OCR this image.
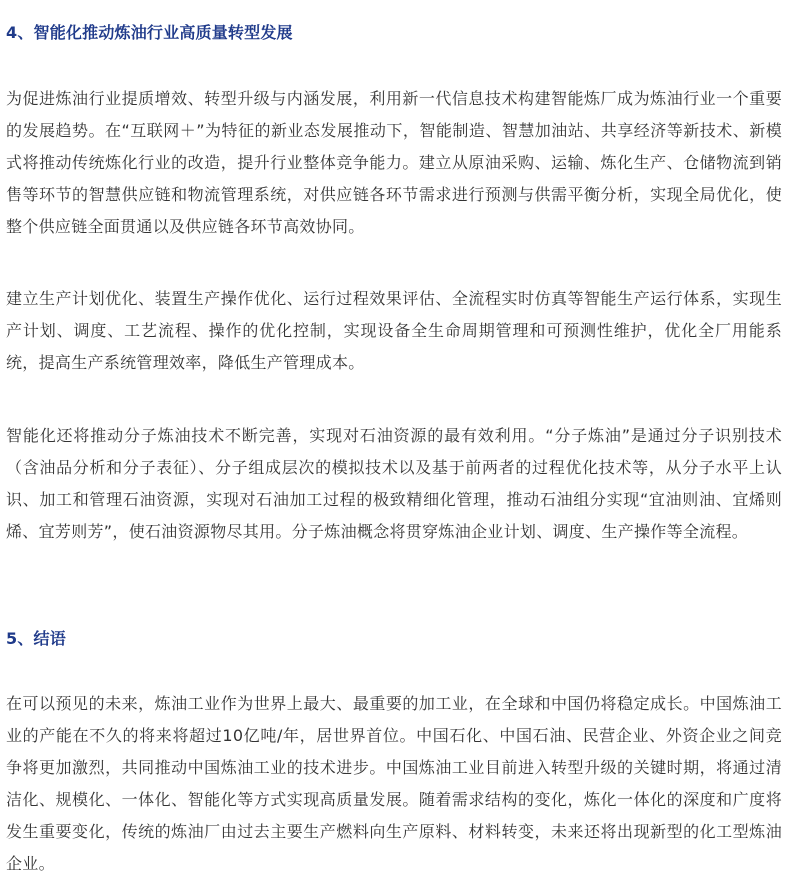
4、智能化推动炼油行业高质量转型发展

为促进炼油行业提质增效、转型升级与内涵发展，利用新一代信息技术构建智能炼厂成为炼油行业一个重要的发展趋势。在“互联网＋”为特征的新业态发展推动下，智能制造、智慧加油站、共享经济等新技术、新模式将推动传统炼化行业的改造，提升行业整体竞争能力。建立从原油采购、运输、炼化生产、仓储物流到销售等环节的智慧供应链和物流管理系统，对供应链各环节需求进行预测与供需平衡分析，实现全局优化，使整个供应链全面贯通以及供应链各环节高效协同。

建立生产计划优化、装置生产操作优化、运行过程效果评估、全流程实时仿真等智能生产运行体系，实现生产计划、调度、工艺流程、操作的优化控制，实现设备全生命周期管理和可预测性维护，优化全厂用能系统，提高生产系统管理效率，降低生产管理成本。

智能化还将推动分子炼油技术不断完善，实现对石油资源的最有效利用。“分子炼油”是通过分子识别技术（含油品分析和分子表征）、分子组成层次的模拟技术以及基于前两者的过程优化技术等，从分子水平上认识、加工和管理石油资源，实现对石油加工过程的极致精细化管理，推动石油组分实现“宜油则油、宜烯则烯、宜芳则芳”，使石油资源物尽其用。分子炼油概念将贯穿炼油企业计划、调度、生产操作等全流程。

5、结语

在可以预见的未来，炼油工业作为世界上最大、最重要的加工业，在全球和中国仍将稳定成长。中国炼油工业的产能在不久的将来将超过10亿吨/年，居世界首位。中国石化、中国石油、民营企业、外资企业之间竞争将更加激烈，共同推动中国炼油工业的技术进步。中国炼油工业目前进入转型升级的关键时期，将通过清洁化、规模化、一体化、智能化等方式实现高质量发展。随着需求结构的变化，炼化一体化的深度和广度将发生重要变化，传统的炼油厂由过去主要生产燃料向生产原料、材料转变，未来还将出现新型的化工型炼油企业。
